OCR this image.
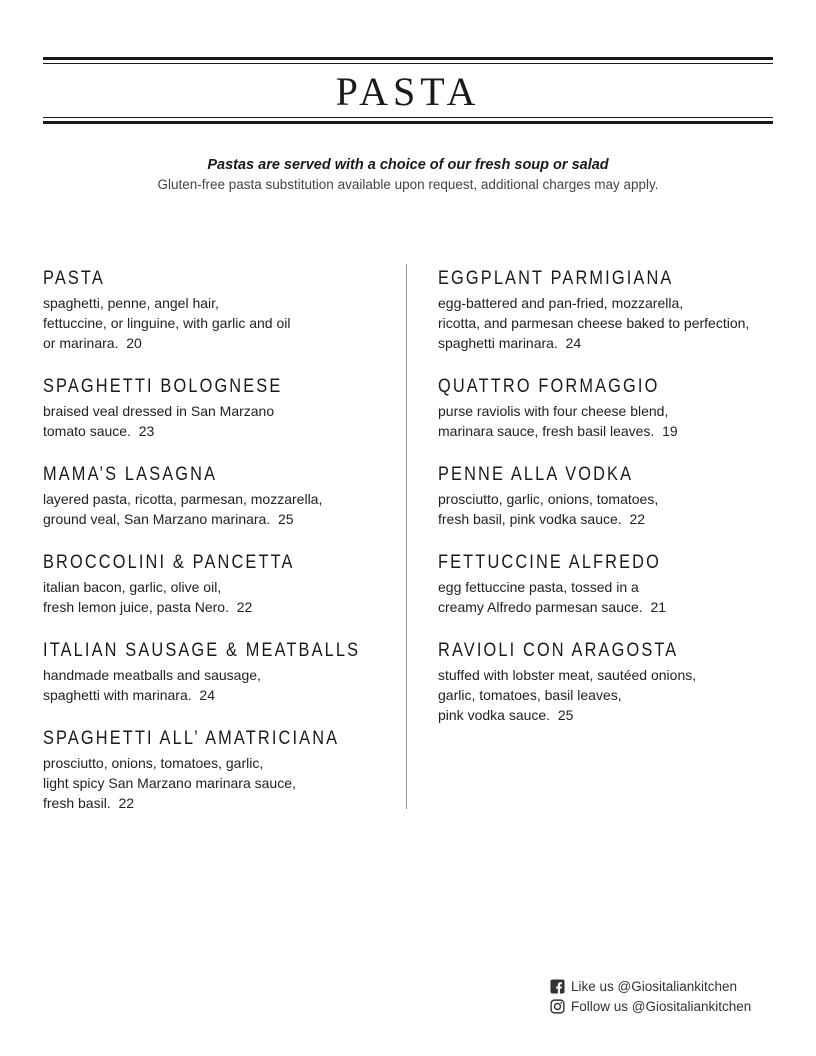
PASTA
Pastas are served with a choice of our fresh soup or salad
Gluten-free pasta substitution available upon request, additional charges may apply.
PASTA

spaghetti, penne, angel hair,
fettuccine, or linguine, with garlic and oil
or marinara. 20

SPAGHETTI BOLOGNESE

braised veal dressed in San Marzano
tomato sauce. 23

MAMA’S LASAGNA

layered pasta, ricotta, parmesan, mozzarella,
ground veal, San Marzano marinara. 25

BROCCOLINI & PANCETTA

italian bacon, garlic, olive oil,
fresh lemon juice, pasta Nero. 22

ITALIAN SAUSAGE & MEATBALLS

handmade meatballs and sausage,
spaghetti with marinara. 24

SPAGHETTI ALL’ AMATRICIANA

prosciutto, onions, tomatoes, garlic,
light spicy San Marzano marinara sauce,
fresh basil. 22

EGGPLANT PARMIGIANA

egg-battered and pan-fried, mozzarella,
ricotta, and parmesan cheese baked to perfection,
spaghetti marinara. 24

QUATTRO FORMAGGIO

purse raviolis with four cheese blend,
marinara sauce, fresh basil leaves. 19

PENNE ALLA VODKA

prosciutto, garlic, onions, tomatoes,
fresh basil, pink vodka sauce. 22

FETTUCCINE ALFREDO

egg fettuccine pasta, tossed in a
creamy Alfredo parmesan sauce. 21

RAVIOLI CON ARAGOSTA

stuffed with lobster meat, sautéed onions,
garlic, tomatoes, basil leaves,
pink vodka sauce. 25

Like us @Giositaliankitchen
Follow us @Giositaliankitchen
